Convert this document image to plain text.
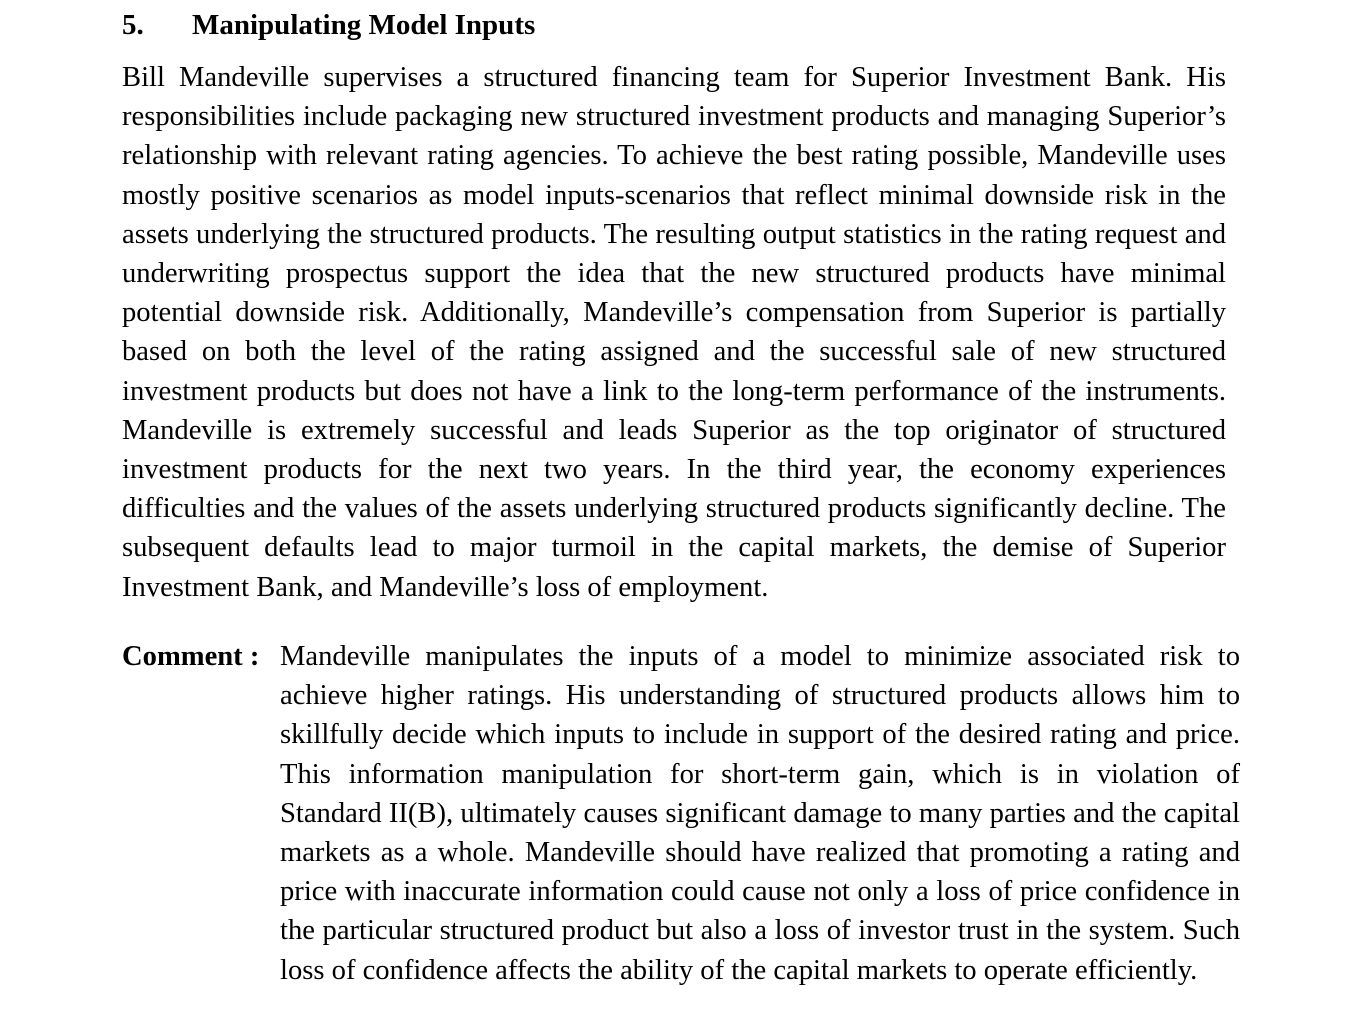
5. Manipulating Model Inputs

Bill Mandeville supervises a structured financing team for Superior Investment Bank. His responsibilities include packaging new structured investment products and managing Superior’s relationship with relevant rating agencies. To achieve the best rating possible, Mandeville uses mostly positive scenarios as model inputs-scenarios that reflect minimal downside risk in the assets underlying the structured products. The resulting output statistics in the rating request and underwriting prospectus support the idea that the new structured products have minimal potential downside risk. Additionally, Mandeville’s compensation from Superior is partially based on both the level of the rating assigned and the successful sale of new structured investment products but does not have a link to the long-term performance of the instruments. Mandeville is extremely successful and leads Superior as the top originator of structured investment products for the next two years. In the third year, the economy experiences difficulties and the values of the assets underlying structured products significantly decline. The subsequent defaults lead to major turmoil in the capital markets, the demise of Superior Investment Bank, and Mandeville’s loss of employment.

Comment : Mandeville manipulates the inputs of a model to minimize associated risk to achieve higher ratings. His understanding of structured products allows him to skillfully decide which inputs to include in support of the desired rating and price. This information manipulation for short-term gain, which is in violation of Standard II(B), ultimately causes significant damage to many parties and the capital markets as a whole. Mandeville should have realized that promoting a rating and price with inaccurate information could cause not only a loss of price confidence in the particular structured product but also a loss of investor trust in the system. Such loss of confidence affects the ability of the capital markets to operate efficiently.
